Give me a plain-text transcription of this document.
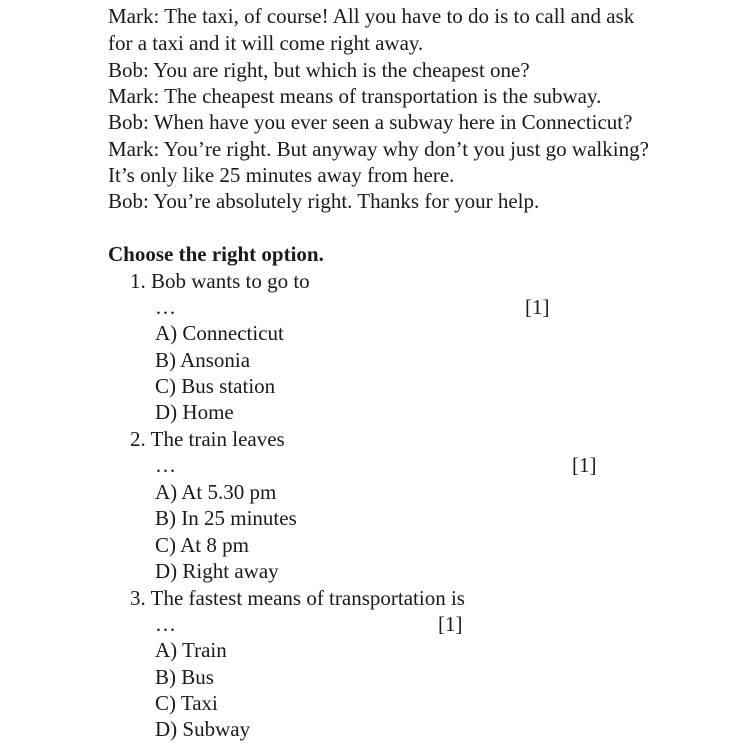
Mark: The taxi, of course! All you have to do is to call and ask
for a taxi and it will come right away.
Bob: You are right, but which is the cheapest one?
Mark: The cheapest means of transportation is the subway.
Bob: When have you ever seen a subway here in Connecticut?
Mark: You’re right. But anyway why don’t you just go walking?
It’s only like 25 minutes away from here.
Bob: You’re absolutely right. Thanks for your help.
Choose the right option.
1. Bob wants to go to
…	[1]
A) Connecticut
B) Ansonia
C) Bus station
D) Home
2. The train leaves
…	[1]
A) At 5.30 pm
B) In 25 minutes
C) At 8 pm
D) Right away
3. The fastest means of transportation is
…	[1]
A) Train
B) Bus
C) Taxi
D) Subway
